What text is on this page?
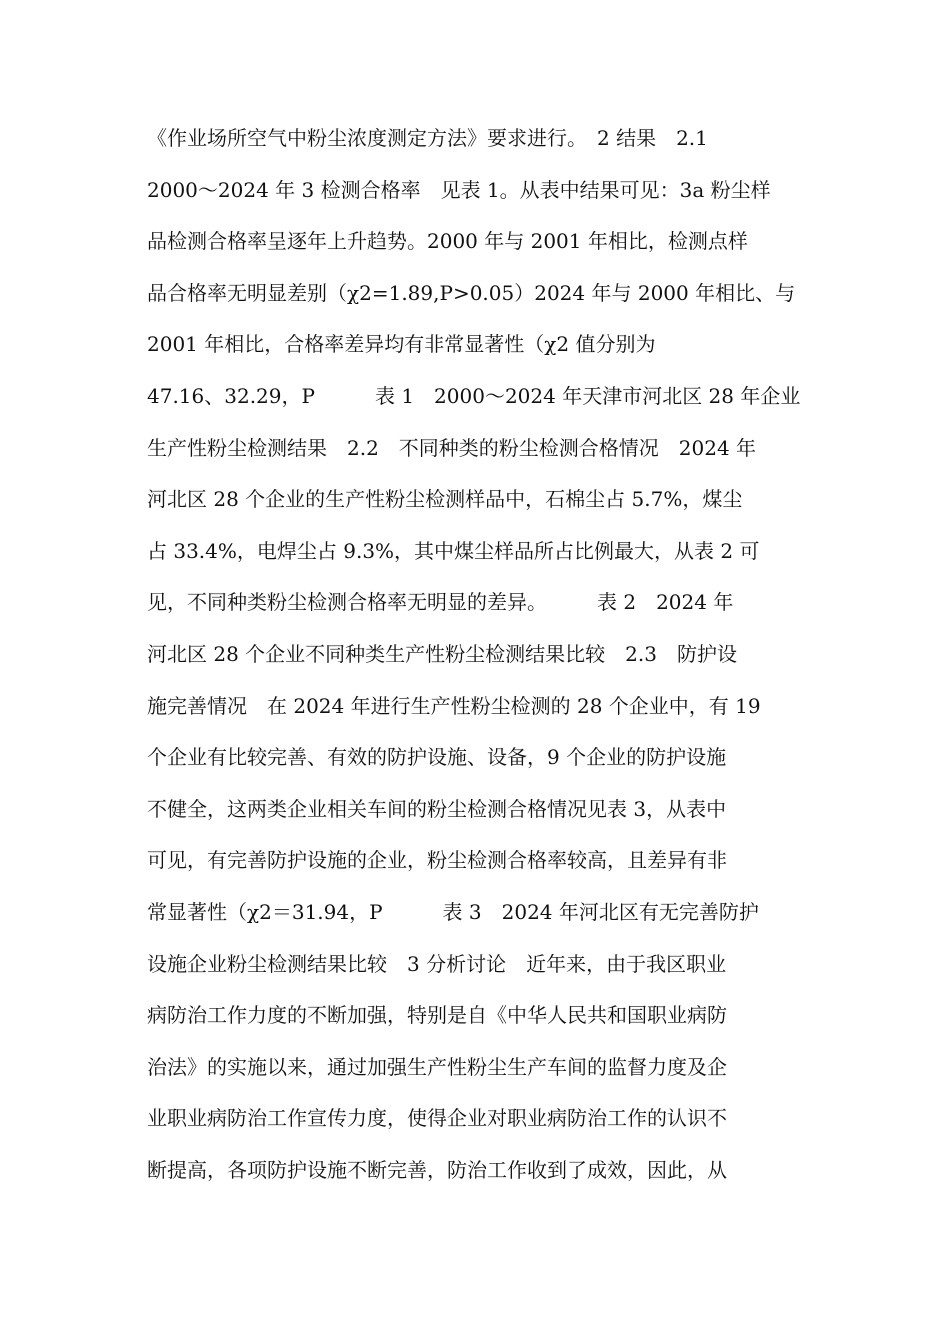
《作业场所空气中粉尘浓度测定方法》要求进行。　2 结果　2.1
2000～2024 年 3 检测合格率　见表 1。从表中结果可见：3a 粉尘样
品检测合格率呈逐年上升趋势。2000 年与 2001 年相比，检测点样
品合格率无明显差别（χ2=1.89,P>0.05）2024 年与 2000 年相比、与
2001 年相比，合格率差异均有非常显著性（χ2 值分别为
47.16、32.29，P　　　表 1　2000～2024 年天津市河北区 28 年企业
生产性粉尘检测结果　2.2　不同种类的粉尘检测合格情况　2024 年
河北区 28 个企业的生产性粉尘检测样品中，石棉尘占 5.7%，煤尘
占 33.4%，电焊尘占 9.3%，其中煤尘样品所占比例最大，从表 2 可
见，不同种类粉尘检测合格率无明显的差异。　　　表 2　2024 年
河北区 28 个企业不同种类生产性粉尘检测结果比较　2.3　防护设
施完善情况　在 2024 年进行生产性粉尘检测的 28 个企业中，有 19
个企业有比较完善、有效的防护设施、设备，9 个企业的防护设施
不健全，这两类企业相关车间的粉尘检测合格情况见表 3，从表中
可见，有完善防护设施的企业，粉尘检测合格率较高，且差异有非
常显著性（χ2＝31.94，P　　　表 3　2024 年河北区有无完善防护
设施企业粉尘检测结果比较　3 分析讨论　近年来，由于我区职业
病防治工作力度的不断加强，特别是自《中华人民共和国职业病防
治法》的实施以来，通过加强生产性粉尘生产车间的监督力度及企
业职业病防治工作宣传力度，使得企业对职业病防治工作的认识不
断提高，各项防护设施不断完善，防治工作收到了成效，因此，从
